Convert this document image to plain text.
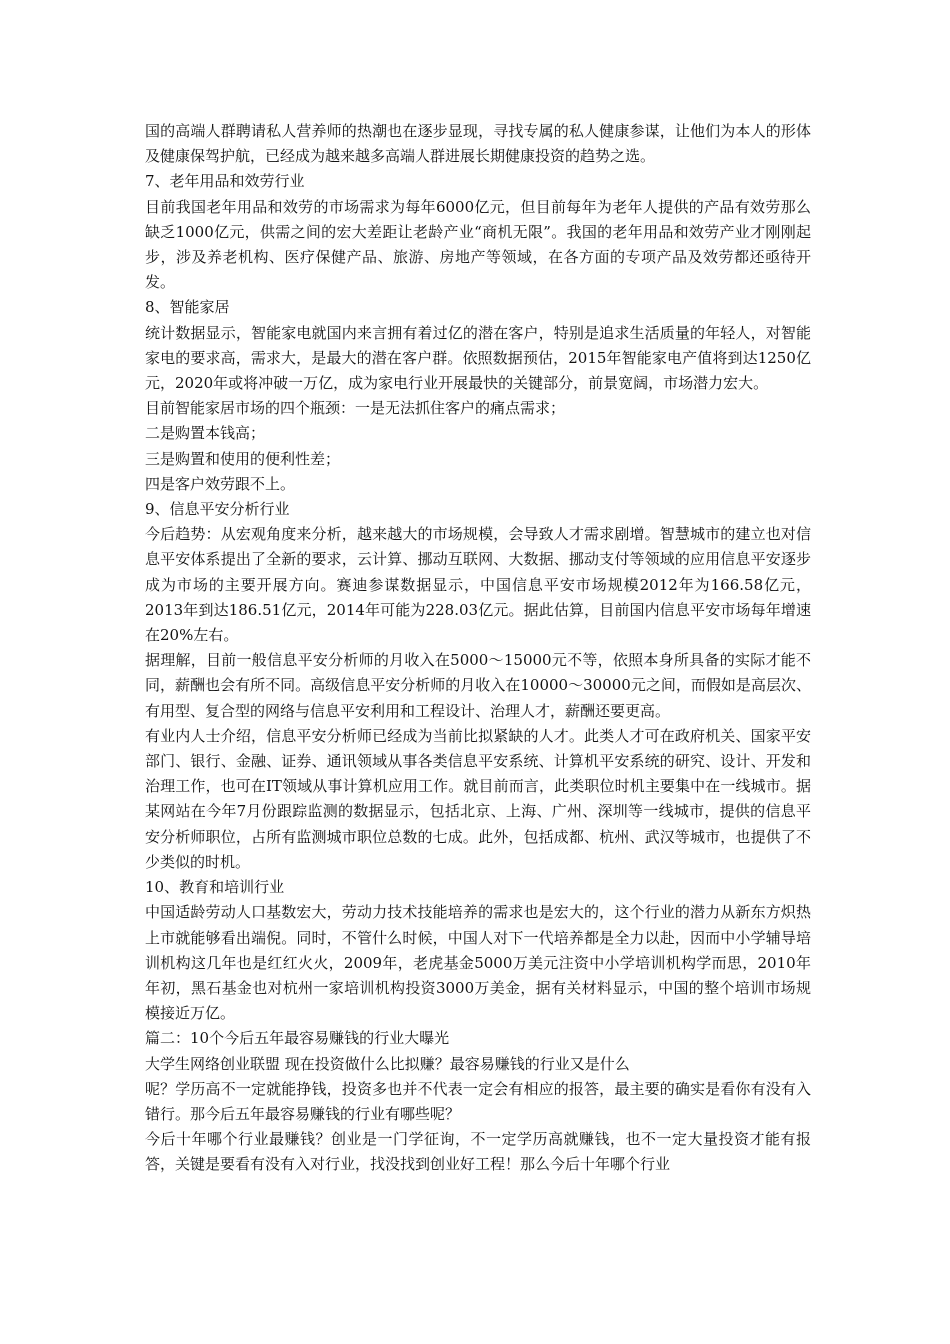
国的高端人群聘请私人营养师的热潮也在逐步显现，寻找专属的私人健康参谋，让他们为本人的形体及健康保驾护航，已经成为越来越多高端人群进展长期健康投资的趋势之选。

7、老年用品和效劳行业

目前我国老年用品和效劳的市场需求为每年6000亿元，但目前每年为老年人提供的产品有效劳那么缺乏1000亿元，供需之间的宏大差距让老龄产业“商机无限”。我国的老年用品和效劳产业才刚刚起步，涉及养老机构、医疗保健产品、旅游、房地产等领域，在各方面的专项产品及效劳都还亟待开发。

8、智能家居

统计数据显示，智能家电就国内来言拥有着过亿的潜在客户，特别是追求生活质量的年轻人，对智能家电的要求高，需求大，是最大的潜在客户群。依照数据预估，2015年智能家电产值将到达1250亿元，2020年或将冲破一万亿，成为家电行业开展最快的关键部分，前景宽阔，市场潜力宏大。

目前智能家居市场的四个瓶颈：一是无法抓住客户的痛点需求；

二是购置本钱高；

三是购置和使用的便利性差；

四是客户效劳跟不上。

9、信息平安分析行业

今后趋势：从宏观角度来分析，越来越大的市场规模，会导致人才需求剧增。智慧城市的建立也对信息平安体系提出了全新的要求，云计算、挪动互联网、大数据、挪动支付等领域的应用信息平安逐步成为市场的主要开展方向。赛迪参谋数据显示，中国信息平安市场规模2012年为166.58亿元，2013年到达186.51亿元，2014年可能为228.03亿元。据此估算，目前国内信息平安市场每年增速在20%左右。

据理解，目前一般信息平安分析师的月收入在5000～15000元不等，依照本身所具备的实际才能不同，薪酬也会有所不同。高级信息平安分析师的月收入在10000～30000元之间，而假如是高层次、有用型、复合型的网络与信息平安利用和工程设计、治理人才，薪酬还要更高。

有业内人士介绍，信息平安分析师已经成为当前比拟紧缺的人才。此类人才可在政府机关、国家平安部门、银行、金融、证券、通讯领域从事各类信息平安系统、计算机平安系统的研究、设计、开发和治理工作，也可在IT领域从事计算机应用工作。就目前而言，此类职位时机主要集中在一线城市。据某网站在今年7月份跟踪监测的数据显示，包括北京、上海、广州、深圳等一线城市，提供的信息平安分析师职位，占所有监测城市职位总数的七成。此外，包括成都、杭州、武汉等城市，也提供了不少类似的时机。

10、教育和培训行业

中国适龄劳动人口基数宏大，劳动力技术技能培养的需求也是宏大的，这个行业的潜力从新东方炽热上市就能够看出端倪。同时，不管什么时候，中国人对下一代培养都是全力以赴，因而中小学辅导培训机构这几年也是红红火火，2009年，老虎基金5000万美元注资中小学培训机构学而思，2010年年初，黑石基金也对杭州一家培训机构投资3000万美金，据有关材料显示，中国的整个培训市场规模接近万亿。

篇二：10个今后五年最容易赚钱的行业大曝光

大学生网络创业联盟 现在投资做什么比拟赚？最容易赚钱的行业又是什么

呢？学历高不一定就能挣钱，投资多也并不代表一定会有相应的报答，最主要的确实是看你有没有入错行。那今后五年最容易赚钱的行业有哪些呢？

今后十年哪个行业最赚钱？创业是一门学征询，不一定学历高就赚钱，也不一定大量投资才能有报答，关键是要看有没有入对行业，找没找到创业好工程！那么今后十年哪个行业
